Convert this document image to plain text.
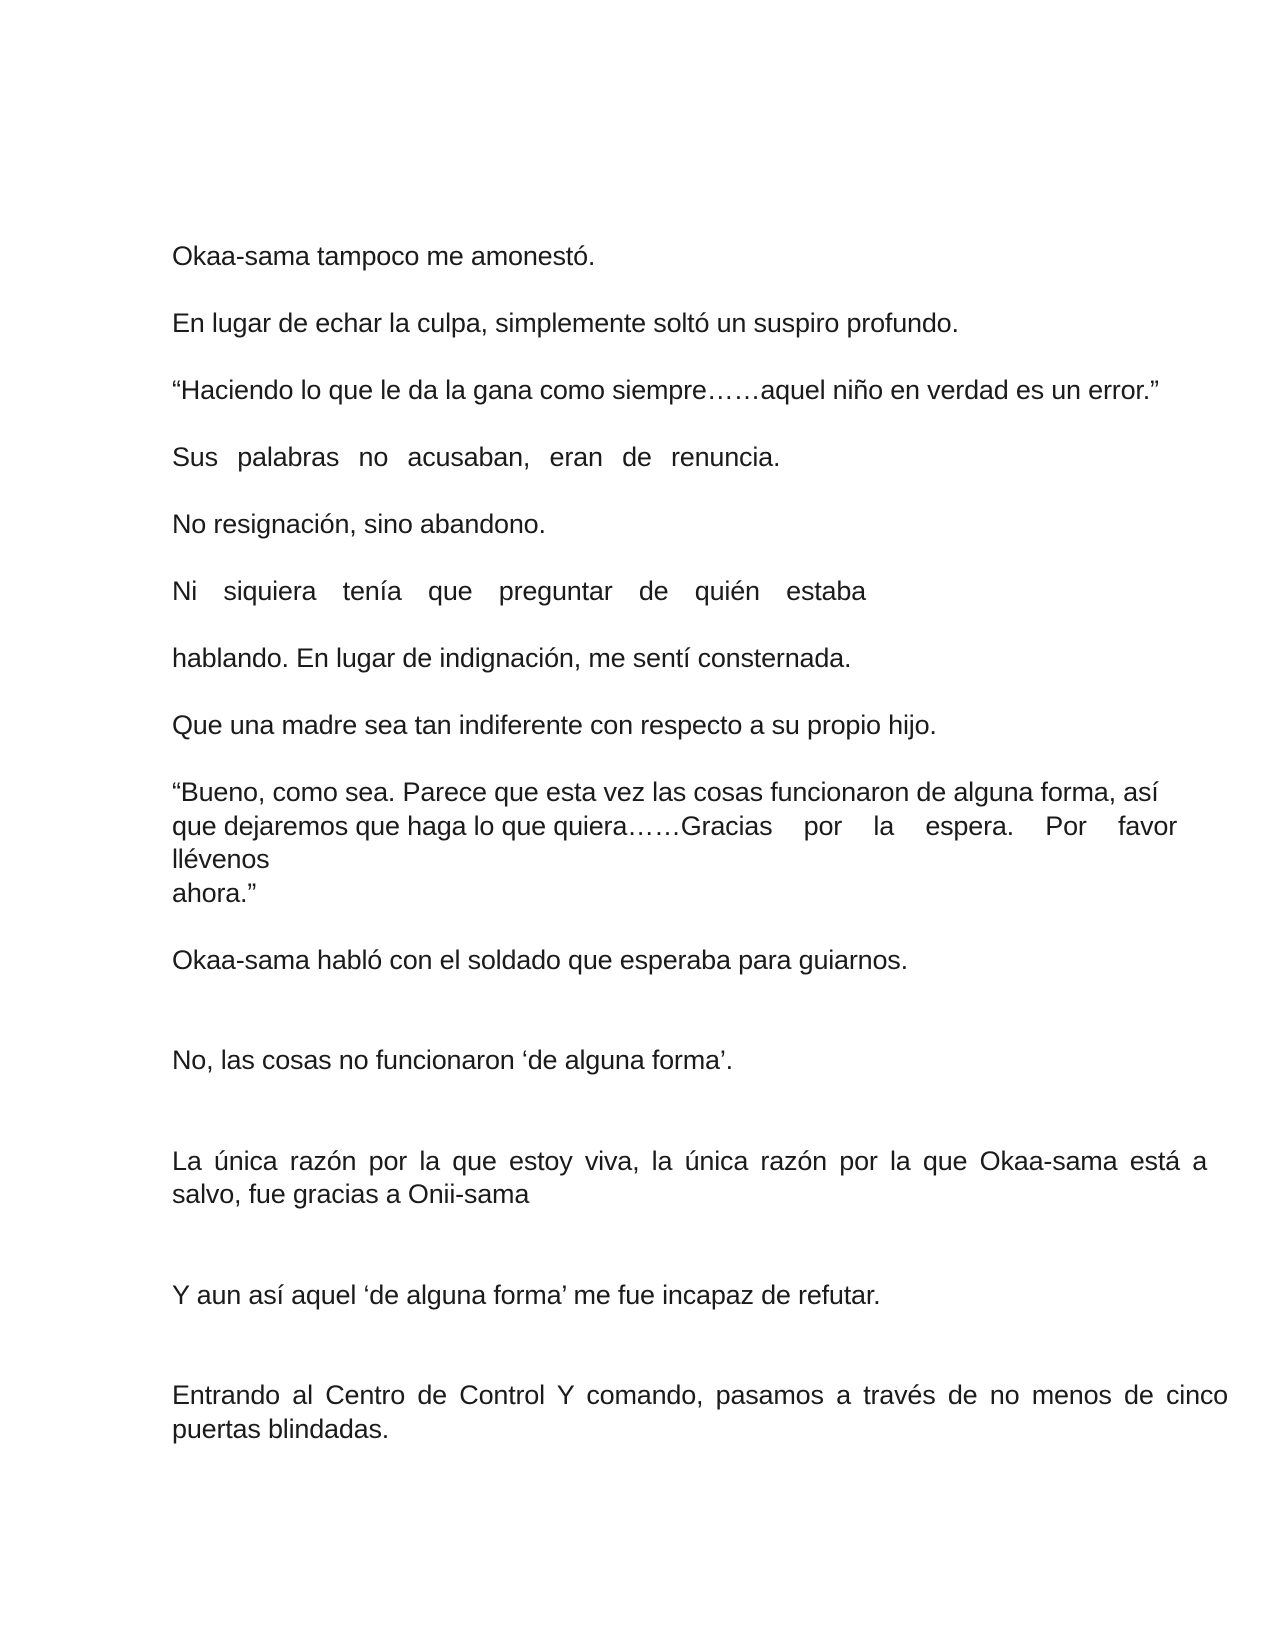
Okaa-sama tampoco me amonestó.
En lugar de echar la culpa, simplemente soltó un suspiro profundo.
“Haciendo lo que le da la gana como siempre……aquel niño en verdad es un error.”
Sus palabras no acusaban, eran de renuncia.
No resignación, sino abandono.
Ni siquiera tenía que preguntar de quién estaba
hablando. En lugar de indignación, me sentí consternada.
Que una madre sea tan indiferente con respecto a su propio hijo.
“Bueno, como sea. Parece que esta vez las cosas funcionaron de alguna forma, así
que dejaremos que haga lo que quiera……Gracias por la espera. Por favor
llévenos
ahora.”
Okaa-sama habló con el soldado que esperaba para guiarnos.
No, las cosas no funcionaron ‘de alguna forma’.
La única razón por la que estoy viva, la única razón por la que Okaa-sama está a
salvo, fue gracias a Onii-sama
Y aun así aquel ‘de alguna forma’ me fue incapaz de refutar.
Entrando al Centro de Control Y comando, pasamos a través de no menos de cinco
puertas blindadas.
